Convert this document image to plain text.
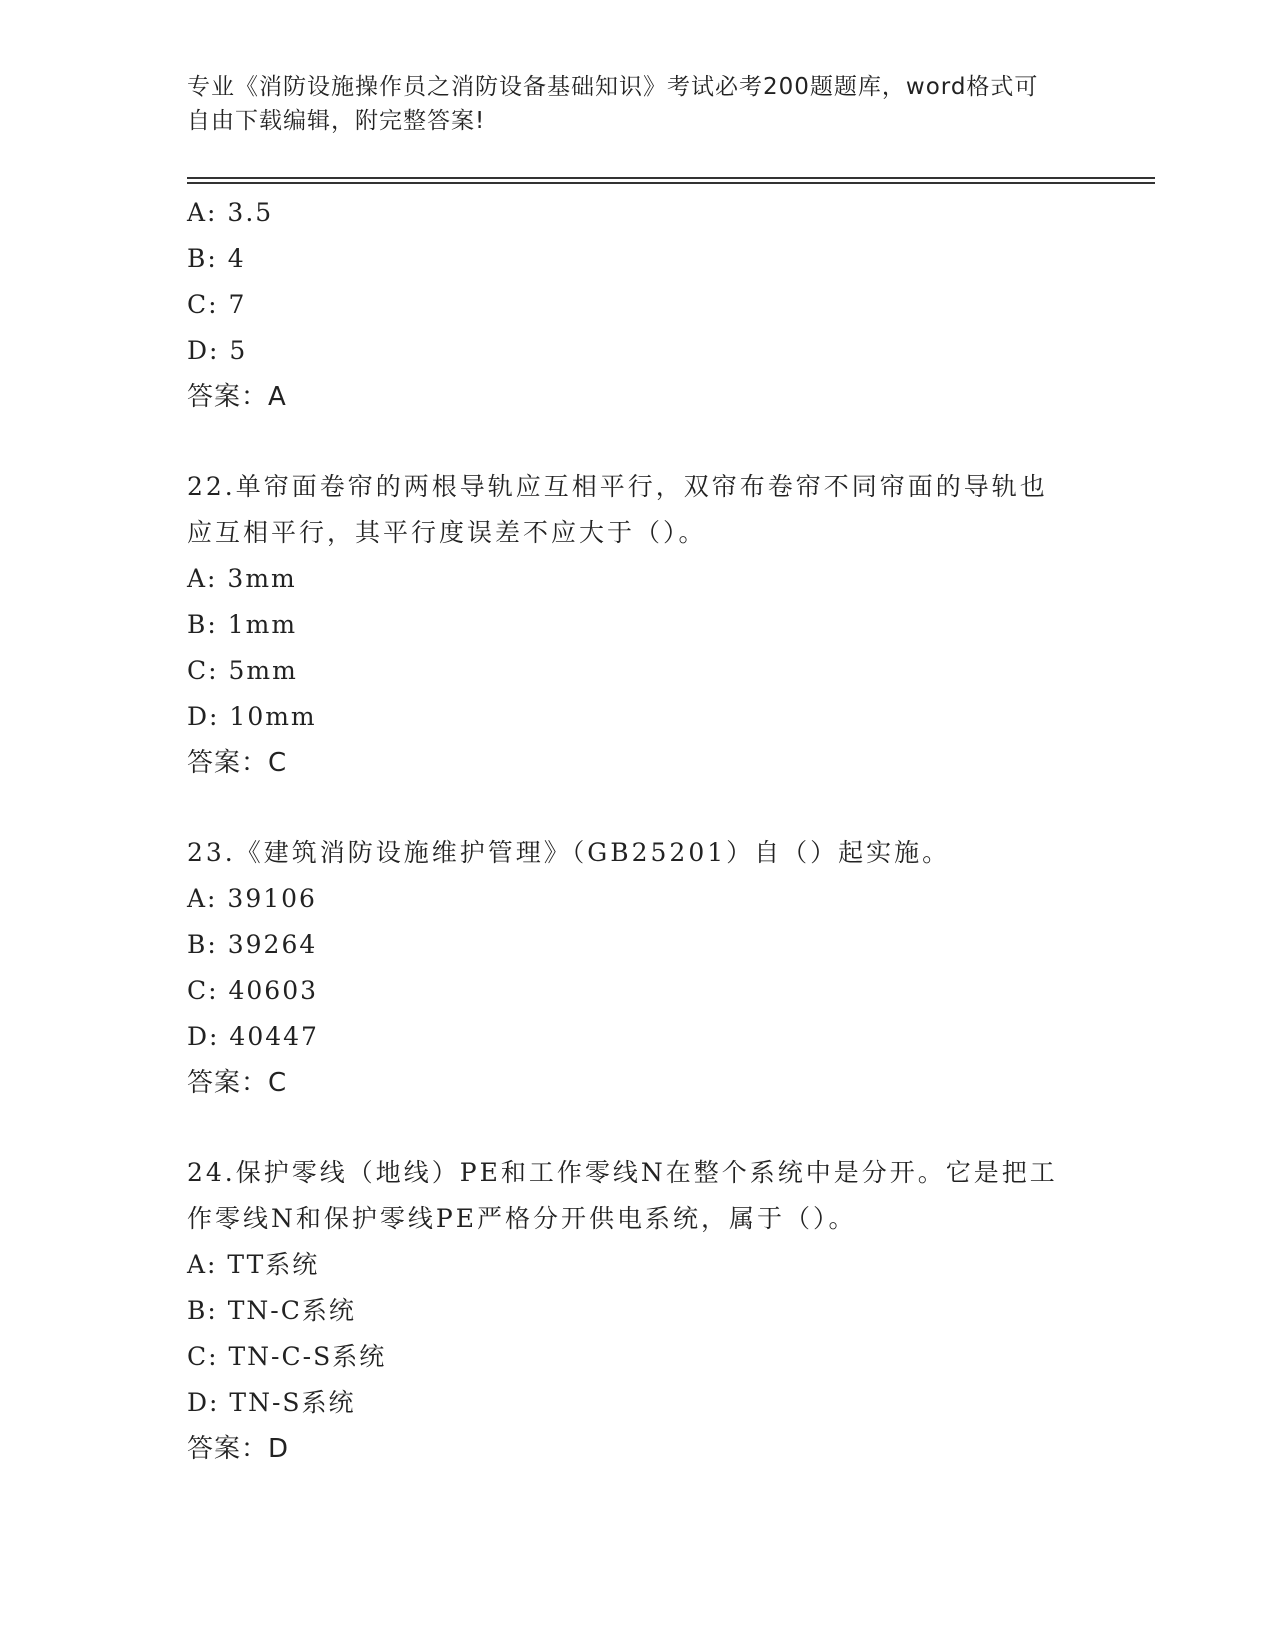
专业《消防设施操作员之消防设备基础知识》考试必考200题题库，word格式可
自由下载编辑，附完整答案!
A: 3.5
B: 4
C: 7
D: 5
答案：A
22.单帘面卷帘的两根导轨应互相平行，双帘布卷帘不同帘面的导轨也
应互相平行，其平行度误差不应大于（）。
A: 3mm
B: 1mm
C: 5mm
D: 10mm
答案：C
23.《建筑消防设施维护管理》（GB25201）自（）起实施。
A: 39106
B: 39264
C: 40603
D: 40447
答案：C
24.保护零线（地线）PE和工作零线N在整个系统中是分开。它是把工
作零线N和保护零线PE严格分开供电系统，属于（）。
A: TT系统
B: TN-C系统
C: TN-C-S系统
D: TN-S系统
答案：D
